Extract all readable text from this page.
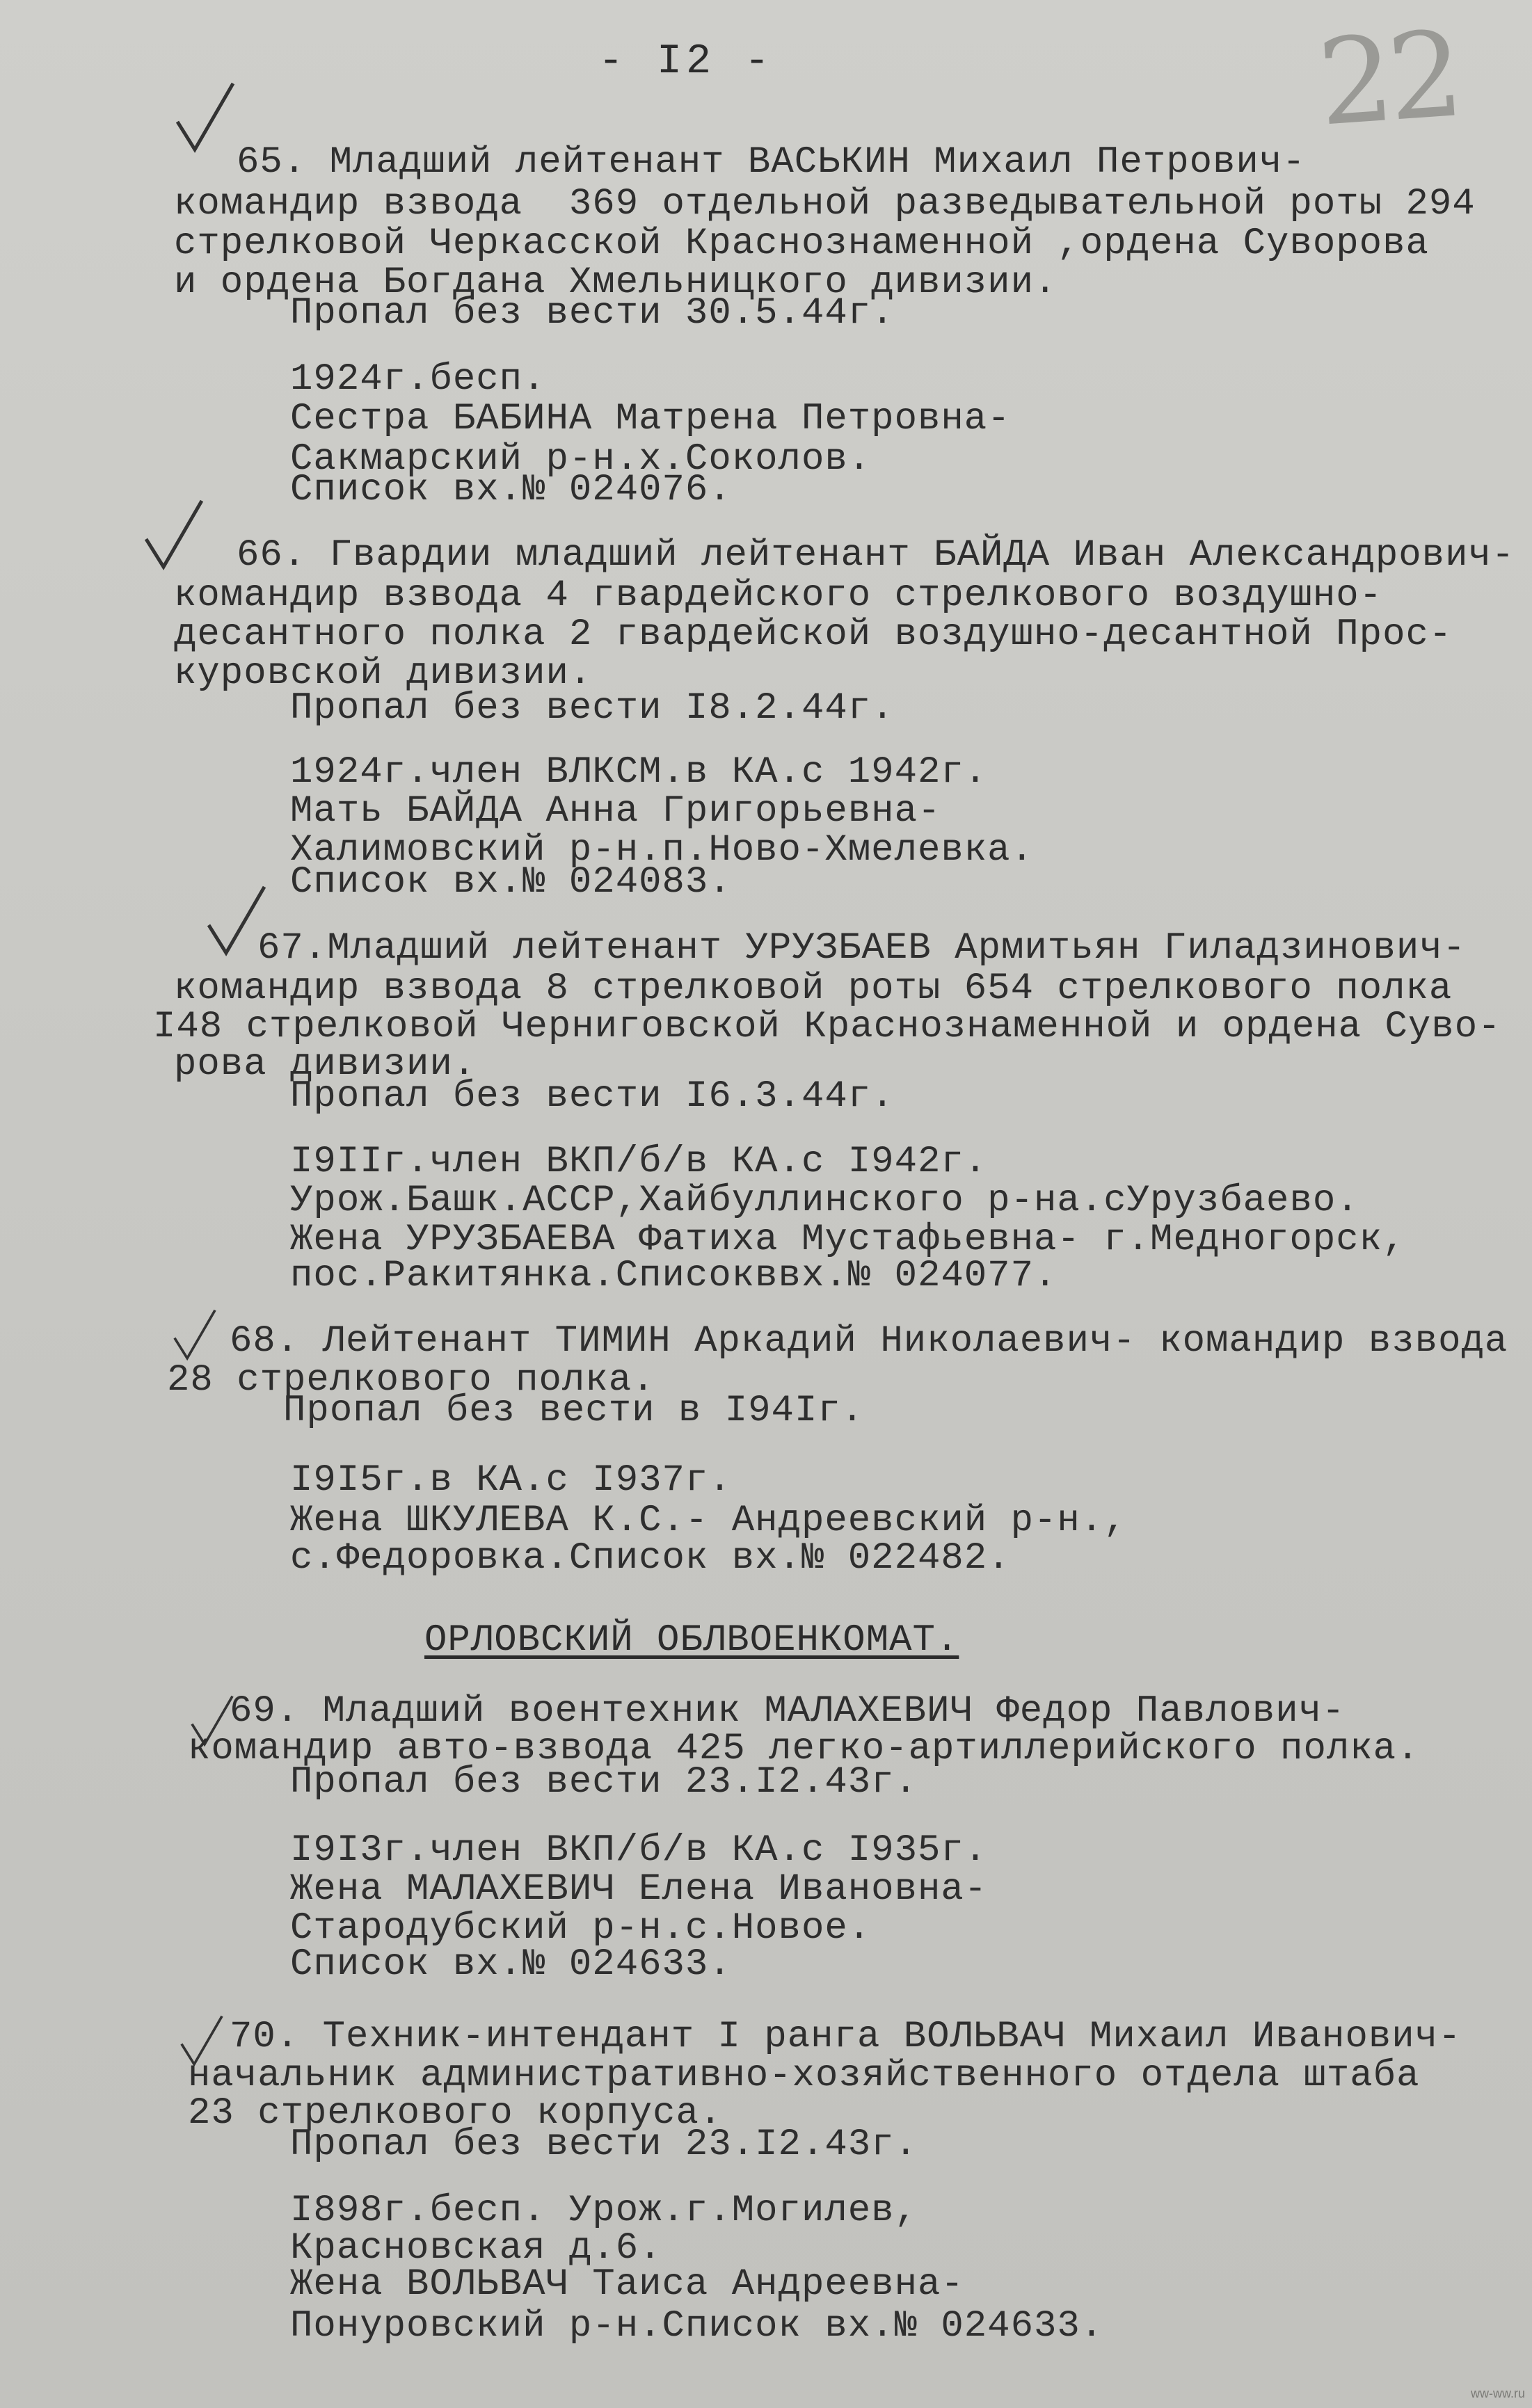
- I2 -	22
65. Младший лейтенант ВАСЬКИН Михаил Петрович-
командир взвода  369 отдельной разведывательной роты 294
стрелковой Черкасской Краснознаменной ,ордена Суворова
и ордена Богдана Хмельницкого дивизии.
Пропал без вести 30.5.44г.
1924г.бесп.
Сестра БАБИНА Матрена Петровна-
Сакмарский р-н.х.Соколов.
Список вх.№ 024076.
66. Гвардии младший лейтенант БАЙДА Иван Александрович-
командир взвода 4 гвардейского стрелкового воздушно-
десантного полка 2 гвардейской воздушно-десантной Прос-
куровской дивизии.
Пропал без вести I8.2.44г.
1924г.член ВЛКСМ.в КА.с 1942г.
Мать БАЙДА Анна Григорьевна-
Халимовский р-н.п.Ново-Хмелевка.
Список вх.№ 024083.
67.Младший лейтенант УРУЗБАЕВ Армитьян Гиладзинович-
командир взвода 8 стрелковой роты 654 стрелкового полка
I48 стрелковой Черниговской Краснознаменной и ордена Суво-
рова дивизии.
Пропал без вести I6.3.44г.
I9IIг.член ВКП/б/в КА.с I942г.
Урож.Башк.АССР,Хайбуллинского р-на.сУрузбаево.
Жена УРУЗБАЕВА Фатиха Мустафьевна- г.Медногорск,
пос.Ракитянка.Списокввх.№ 024077.
68. Лейтенант ТИМИН Аркадий Николаевич- командир взвода
28 стрелкового полка.
Пропал без вести в I94Iг.
I9I5г.в КА.с I937г.
Жена ШКУЛЕВА К.С.- Андреевский р-н.,
с.Федоровка.Список вх.№ 022482.
ОРЛОВСКИЙ ОБЛВОЕНКОМАТ.
69. Младший воентехник МАЛАХЕВИЧ Федор Павлович-
командир авто-взвода 425 легко-артиллерийского полка.
Пропал без вести 23.I2.43г.
I9I3г.член ВКП/б/в КА.с I935г.
Жена МАЛАХЕВИЧ Елена Ивановна-
Стародубский р-н.с.Новое.
Список вх.№ 024633.
70. Техник-интендант I ранга ВОЛЬВАЧ Михаил Иванович-
начальник административно-хозяйственного отдела штаба
23 стрелкового корпуса.
Пропал без вести 23.I2.43г.
I898г.бесп. Урож.г.Могилев,
Красновская д.6.
Жена ВОЛЬВАЧ Таиса Андреевна-
Понуровский р-н.Список вх.№ 024633.
ww-ww.ru
